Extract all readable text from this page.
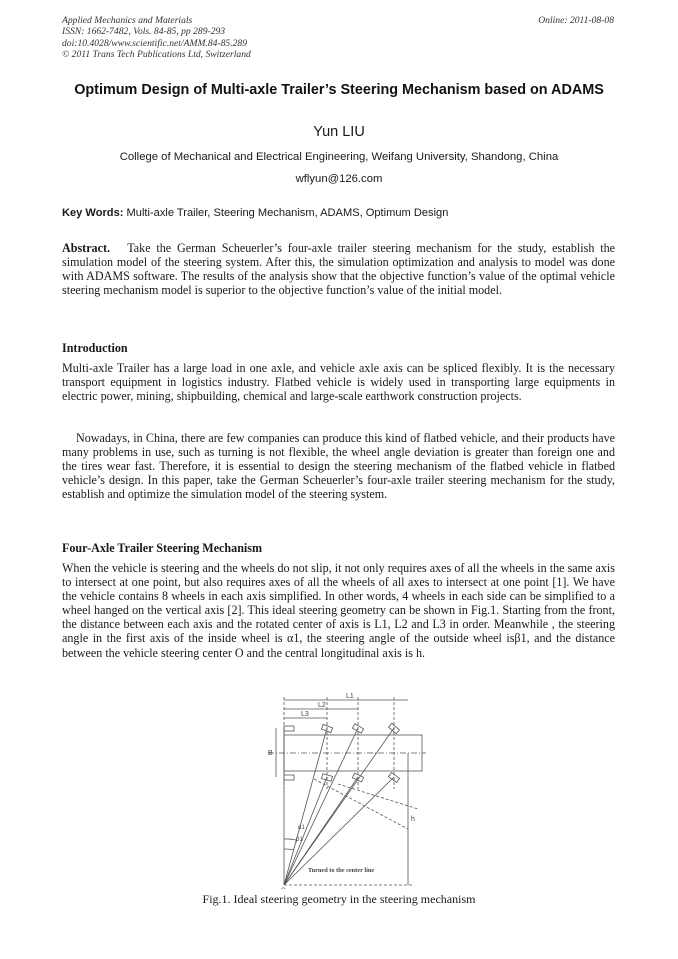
Applied Mechanics and Materials
ISSN: 1662-7482, Vols. 84-85, pp 289-293
doi:10.4028/www.scientific.net/AMM.84-85.289
© 2011 Trans Tech Publications Ltd, Switzerland
Online: 2011-08-08
Optimum Design of Multi-axle Trailer’s Steering Mechanism based on ADAMS
Yun LIU
College of Mechanical and Electrical Engineering, Weifang University, Shandong, China
wflyun@126.com
Key Words: Multi-axle Trailer, Steering Mechanism, ADAMS, Optimum Design

Abstract. Take the German Scheuerler’s four-axle trailer steering mechanism for the study, establish the simulation model of the steering system. After this, the simulation optimization and analysis to model was done with ADAMS software. The results of the analysis show that the objective function’s value of the optimal vehicle steering mechanism model is superior to the objective function’s value of the initial model.

Introduction

Multi-axle Trailer has a large load in one axle, and vehicle axle axis can be spliced flexibly. It is the necessary transport equipment in logistics industry. Flatbed vehicle is widely used in transporting large equipments in electric power, mining, shipbuilding, chemical and large-scale earthwork construction projects.

Nowadays, in China, there are few companies can produce this kind of flatbed vehicle, and their products have many problems in use, such as turning is not flexible, the wheel angle deviation is greater than foreign one and the tires wear fast. Therefore, it is essential to design the steering mechanism of the flatbed vehicle in flatbed vehicle’s design. In this paper, take the German Scheuerler’s four-axle trailer steering mechanism for the study, establish and optimize the simulation model of the steering system.

Four-Axle Trailer Steering Mechanism

When the vehicle is steering and the wheels do not slip, it not only requires axes of all the wheels in the same axis to intersect at one point, but also requires axes of all the wheels of all axes to intersect at one point [1]. We have the vehicle contains 8 wheels in each axis simplified. In other words, 4 wheels in each side can be simplified to a wheel hanged on the vertical axis [2]. This ideal steering geometry can be shown in Fig.1. Starting from the front, the distance between each axis and the rotated center of axis is L1, L2 and L3 in order. Meanwhile , the steering angle in the first axis of the inside wheel is α1, the steering angle of the outside wheel isβ1, and the distance between the vehicle steering center O and the central longitudinal axis is h.

L1
L2
L3
B
h
α1
β1
Turned to the center line
Fig.1. Ideal steering geometry in the steering mechanism
